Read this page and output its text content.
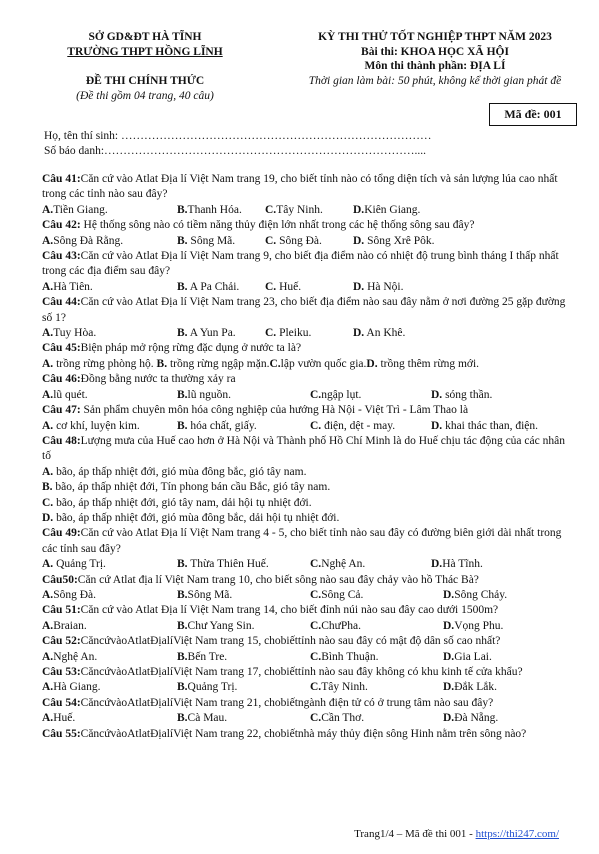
SỞ GD&ĐT HÀ TĨNH
TRƯỜNG THPT HỒNG LĨNH
ĐỀ THI CHÍNH THỨC
(Đề thi gồm 04 trang, 40 câu)
KỲ THI THỬ TỐT NGHIỆP THPT NĂM 2023
Bài thi: KHOA HỌC XÃ HỘI
Môn thi thành phần: ĐỊA LÍ
Thời gian làm bài: 50 phút, không kể thời gian phát đề
Mã đề: 001
Họ, tên thí sinh: ………………………………………………………………………
Số báo danh:………………………………………………………………………....

Câu 41:Căn cứ vào Atlat Địa lí Việt Nam trang 19, cho biết tỉnh nào có tổng diện tích và sản lượng lúa cao nhất trong các tỉnh nào sau đây?

A.Tiền Giang.	B.Thanh Hóa.	C.Tây Ninh.	D.Kiên Giang.

Câu 42: Hệ thống sông nào có tiềm năng thủy điện lớn nhất trong các hệ thống sông sau đây?

A.Sông Đà Rằng.	B. Sông Mã.	C. Sông Đà.	D. Sông Xrê Pôk.

Câu 43:Căn cứ vào Atlat Địa lí Việt Nam trang 9, cho biết địa điểm nào có nhiệt độ trung bình tháng I thấp nhất trong các địa điểm sau đây?

A.Hà Tiên.	B. A Pa Chải.	C. Huế.	D. Hà Nội.

Câu 44:Căn cứ vào Atlat Địa lí Việt Nam trang 23, cho biết địa điểm nào sau đây nằm ở nơi đường 25 gặp đường số 1?

A.Tuy Hòa.	B. A Yun Pa.	C. Pleiku.	D. An Khê.

Câu 45:Biện pháp mở rộng rừng đặc dụng ở nước ta là?

A. trồng rừng phòng hộ. B. trồng rừng ngập mặn.C.lập vườn quốc gia.D. trồng thêm rừng mới.

Câu 46:Đồng bằng nước ta thường xảy ra

A.lũ quét.	B.lũ nguồn.	C.ngập lụt.	D. sóng thần.

Câu 47: Sản phẩm chuyên môn hóa công nghiệp của hướng Hà Nội - Việt Trì - Lâm Thao là

A. cơ khí, luyện kim.	B. hóa chất, giấy.	C. điện, dệt - may.	D. khai thác than, điện.

Câu 48:Lượng mưa của Huế cao hơn ở Hà Nội và Thành phố Hồ Chí Minh là do Huế chịu tác động của các nhân tố

A. bão, áp thấp nhiệt đới, gió mùa đông bắc, gió tây nam.

B. bão, áp thấp nhiệt đới, Tín phong bán cầu Bắc, gió tây nam.

C. bão, áp thấp nhiệt đới, gió tây nam, dải hội tụ nhiệt đới.

D. bão, áp thấp nhiệt đới, gió mùa đông bắc, dải hội tụ nhiệt đới.

Câu 49:Căn cứ vào Atlat Địa lí Việt Nam trang 4 - 5, cho biết tỉnh nào sau đây có đường biên giới dài nhất trong các tỉnh sau đây?

A. Quảng Trị.	B. Thừa Thiên Huế.	C.Nghệ An.	D.Hà Tĩnh.

Câu50:Căn cứ Atlat địa lí Việt Nam trang 10, cho biết sông nào sau đây chảy vào hồ Thác Bà?

A.Sông Đà.	B.Sông Mã.	C.Sông Cả.	D.Sông Chảy.

Câu 51:Căn cứ vào Atlat Địa lí Việt Nam trang 14, cho biết đỉnh núi nào sau đây cao dưới 1500m?

A.Braian.	B.Chư Yang Sin.	C.ChưPha.	D.Vọng Phu.

Câu 52:CăncứvàoAtlatĐịalíViệt Nam trang 15, chobiếttỉnh nào sau đây có mật độ dân số cao nhất?

A.Nghệ An.	B.Bến Tre.	C.Bình Thuận.	D.Gia Lai.

Câu 53:CăncứvàoAtlatĐịalíViệt Nam trang 17, chobiếttỉnh nào sau đây không có khu kinh tế cửa khẩu?

A.Hà Giang.	B.Quảng Trị.	C.Tây Ninh.	D.Đắk Lắk.

Câu 54:CăncứvàoAtlatĐịalíViệt Nam trang 21, chobiếtngành điện tử có ở trung tâm nào sau đây?

A.Huế.	B.Cà Mau.	C.Cần Thơ.	D.Đà Nẵng.

Câu 55:CăncứvàoAtlatĐịalíViệt Nam trang 22, chobiếtnhà máy thủy điện sông Hinh nằm trên sông nào?

Trang1/4 – Mã đề thi 001 - https://thi247.com/
